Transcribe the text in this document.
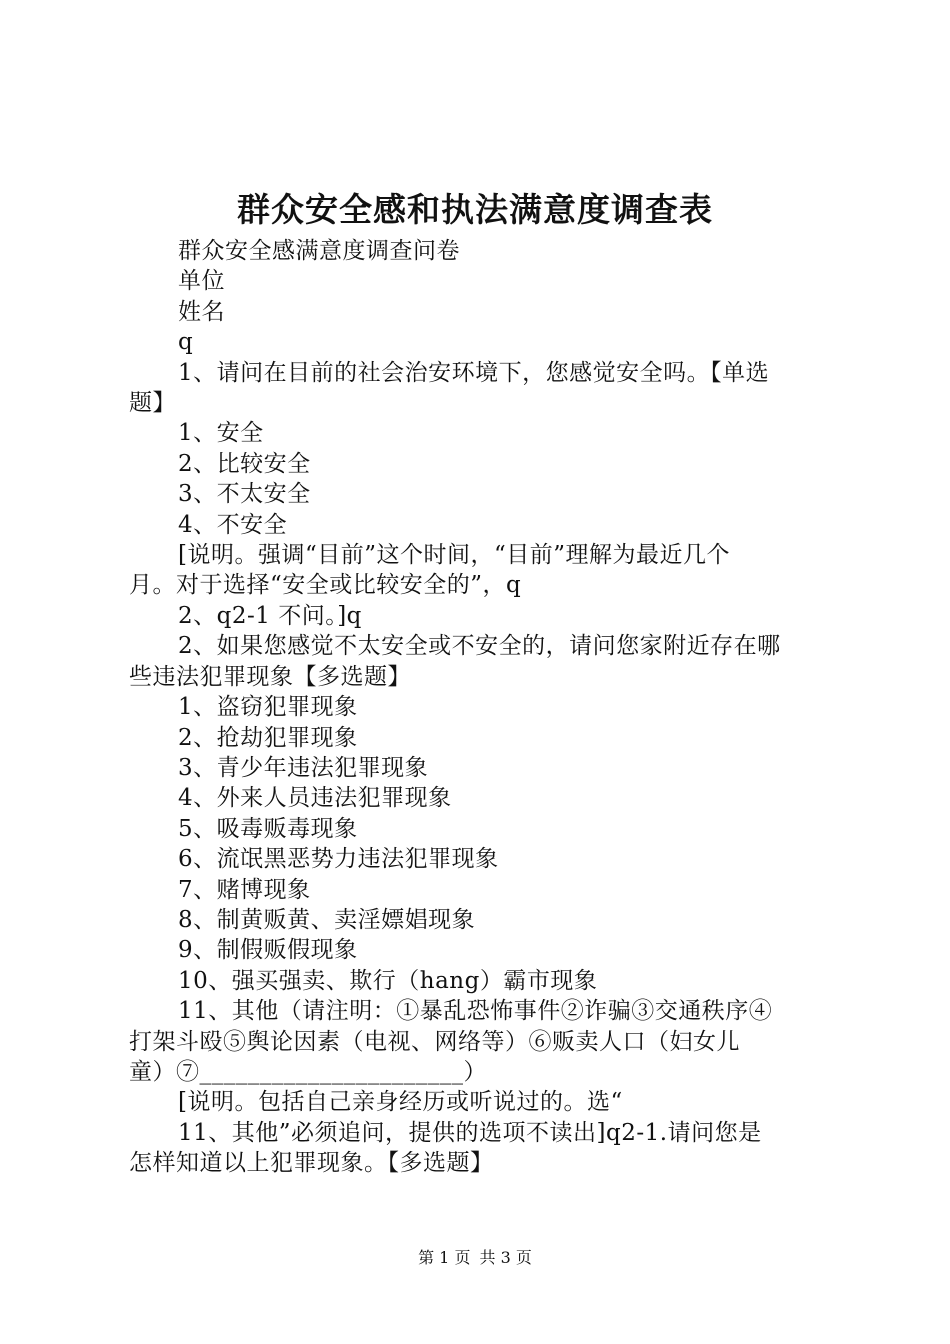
群众安全感和执法满意度调查表

群众安全感满意度调查问卷

单位

姓名

q

1、请问在目前的社会治安环境下，您感觉安全吗。【单选

题】

1、安全

2、比较安全

3、不太安全

4、不安全

[说明。强调“目前”这个时间，“目前”理解为最近几个

月。对于选择“安全或比较安全的”，q

2、q2-1 不问。]q

2、如果您感觉不太安全或不安全的，请问您家附近存在哪

些违法犯罪现象【多选题】

1、盗窃犯罪现象

2、抢劫犯罪现象

3、青少年违法犯罪现象

4、外来人员违法犯罪现象

5、吸毒贩毒现象

6、流氓黑恶势力违法犯罪现象

7、赌博现象

8、制黄贩黄、卖淫嫖娼现象

9、制假贩假现象

10、强买强卖、欺行（hang）霸市现象

11、其他（请注明：①暴乱恐怖事件②诈骗③交通秩序④

打架斗殴⑤舆论因素（电视、网络等）⑥贩卖人口（妇女儿

童）⑦______________________）

[说明。包括自己亲身经历或听说过的。选“

11、其他”必须追问，提供的选项不读出]q2-1.请问您是

怎样知道以上犯罪现象。【多选题】

第 1 页 共 3 页
